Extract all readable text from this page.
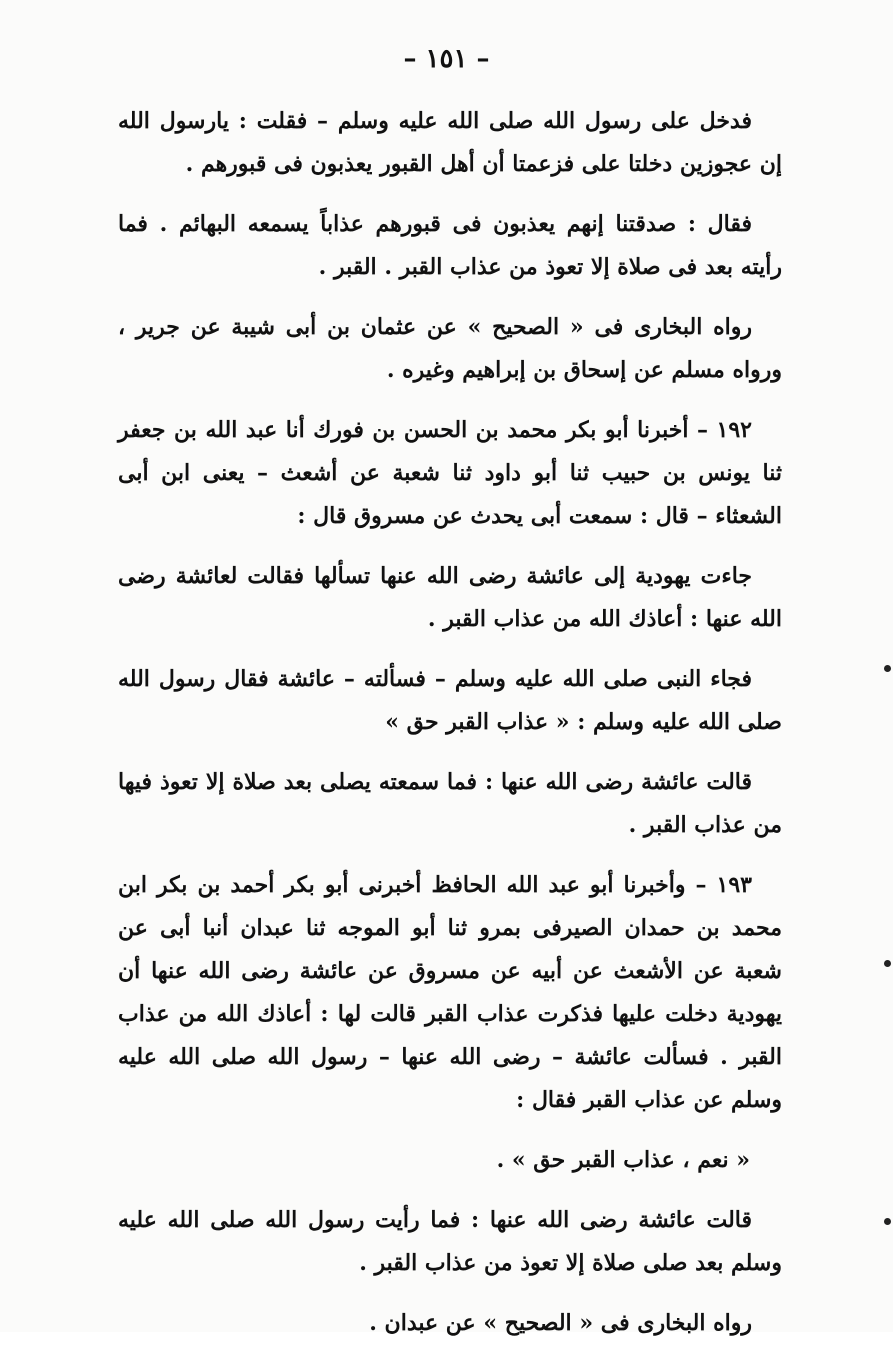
– ١٥١ –

فدخل على رسول الله صلى الله عليه وسلم – فقلت : يارسول الله إن عجوزين دخلتا على فزعمتا أن أهل القبور يعذبون فى قبورهم .

فقال : صدقتنا إنهم يعذبون فى قبورهم عذاباً يسمعه البهائم . فما رأيته بعد فى صلاة إلا تعوذ من عذاب القبر . القبر .

رواه البخارى فى « الصحيح » عن عثمان بن أبى شيبة عن جرير ، ورواه مسلم عن إسحاق بن إبراهيم وغيره .

١٩٢ – أخبرنا أبو بكر محمد بن الحسن بن فورك أنا عبد الله بن جعفر ثنا يونس بن حبيب ثنا أبو داود ثنا شعبة عن أشعث – يعنى ابن أبى الشعثاء – قال : سمعت أبى يحدث عن مسروق قال :

جاءت يهودية إلى عائشة رضى الله عنها تسألها فقالت لعائشة رضى الله عنها : أعاذك الله من عذاب القبر .

فجاء النبى صلى الله عليه وسلم – فسألته – عائشة فقال رسول الله صلى الله عليه وسلم : « عذاب القبر حق »

قالت عائشة رضى الله عنها : فما سمعته يصلى بعد صلاة إلا تعوذ فيها من عذاب القبر .

١٩٣ – وأخبرنا أبو عبد الله الحافظ أخبرنى أبو بكر أحمد بن بكر ابن محمد بن حمدان الصيرفى بمرو ثنا أبو الموجه ثنا عبدان أنبا أبى عن شعبة عن الأشعث عن أبيه عن مسروق عن عائشة رضى الله عنها أن يهودية دخلت عليها فذكرت عذاب القبر قالت لها : أعاذك الله من عذاب القبر . فسألت عائشة – رضى الله عنها – رسول الله صلى الله عليه وسلم عن عذاب القبر فقال :

« نعم ، عذاب القبر حق » .

قالت عائشة رضى الله عنها : فما رأيت رسول الله صلى الله عليه وسلم بعد صلى صلاة إلا تعوذ من عذاب القبر .

رواه البخارى فى « الصحيح » عن عبدان .
